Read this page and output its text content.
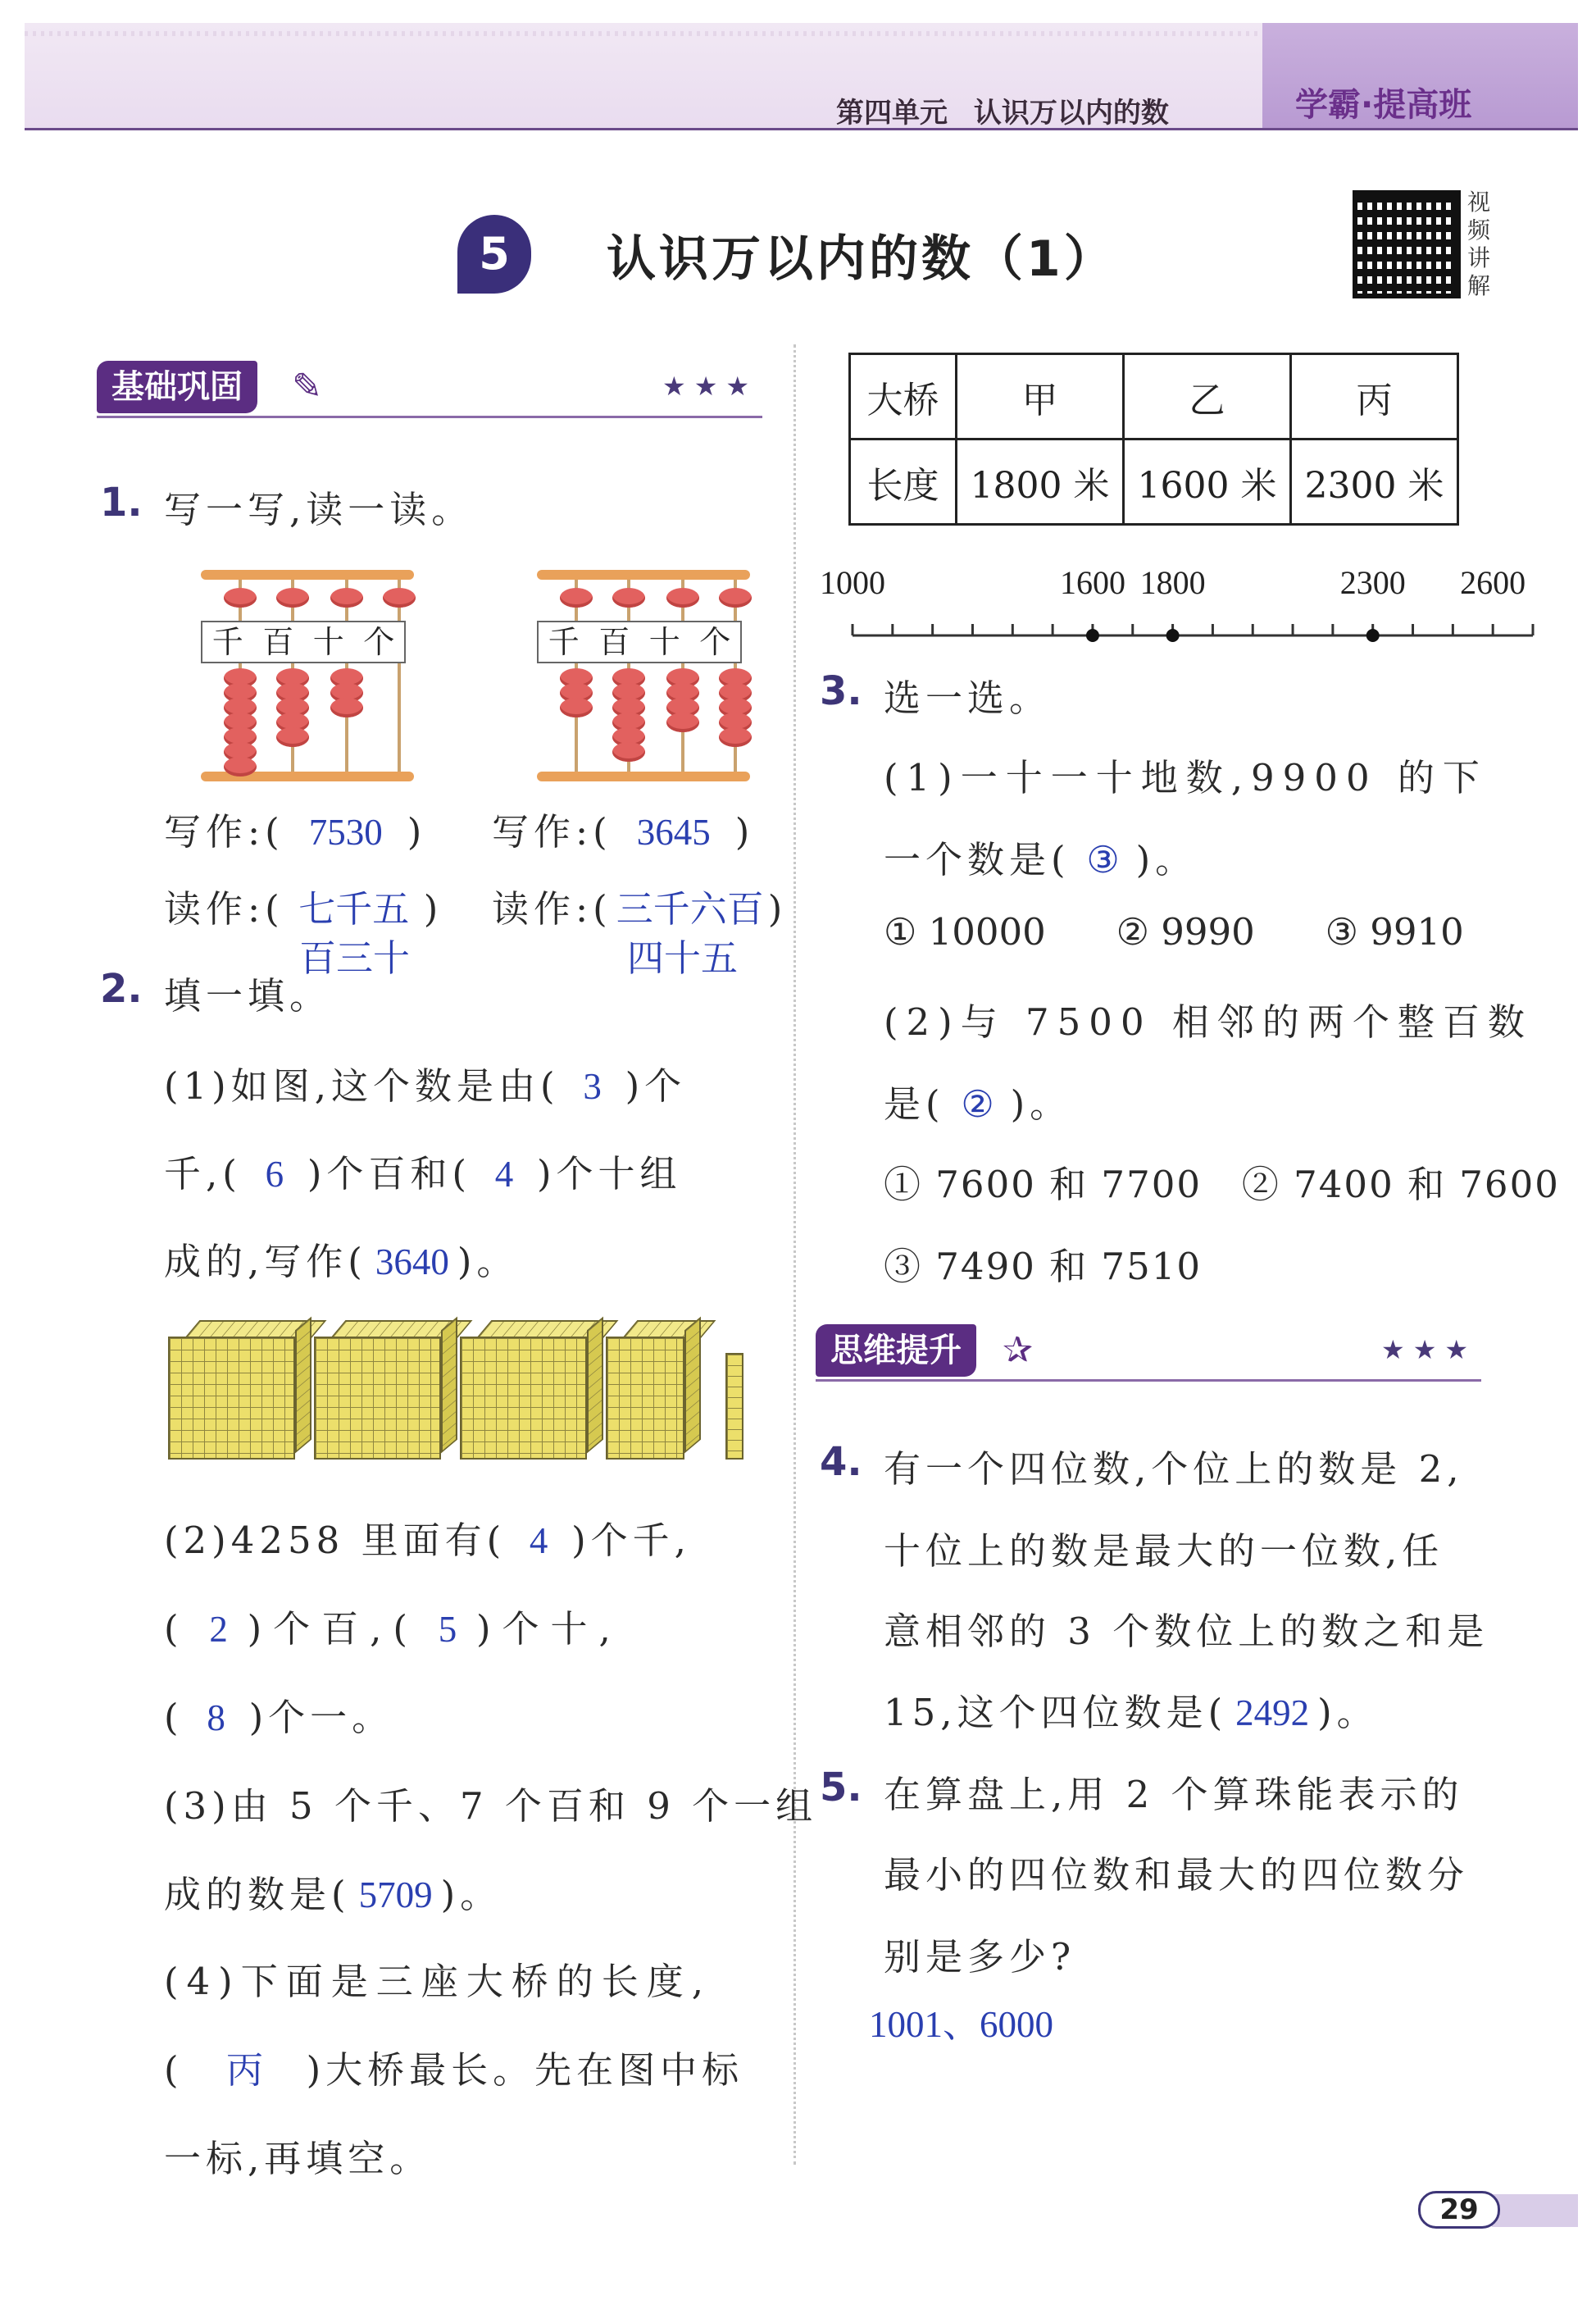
第四单元 认识万以内的数	学霸·提高班
5	认识万以内的数（1）
视频讲解
基础巩固	✎	★★★
1. 写一写,读一读。
千 百 十 个	千 百 十 个
写作:( 7530 ) 写作:( 3645 )
读作:( 七千五 )
百三十
读作:( 三千六百 )
四十五
2. 填一填。
(1)如图,这个数是由( 3 )个
千,( 6 )个百和( 4 )个十组
成的,写作( 3640 )。
(2)4258 里面有( 4 )个千,
( 2 )个百,( 5 )个十,
( 8 )个一。
(3)由 5 个千、7 个百和 9 个一组
成的数是( 5709 )。
(4)下面是三座大桥的长度,
( 丙 )大桥最长。先在图中标
一标,再填空。
大桥	甲	乙	丙
长度	1800 米	1600 米	2300 米
1000	1600 1800	2300 2600
3. 选一选。
(1)一十一十地数,9900 的下
一个数是( ③ )。
① 10000      ② 9990      ③ 9910
(2)与 7500 相邻的两个整百数
是( ② )。
① 7600 和 7700   ② 7400 和 7600
③ 7490 和 7510
思维提升	✰	★★★
4. 有一个四位数,个位上的数是 2,
十位上的数是最大的一位数,任
意相邻的 3 个数位上的数之和是
15,这个四位数是( 2492 )。
5. 在算盘上,用 2 个算珠能表示的
最小的四位数和最大的四位数分
别是多少?
1001、6000
29
